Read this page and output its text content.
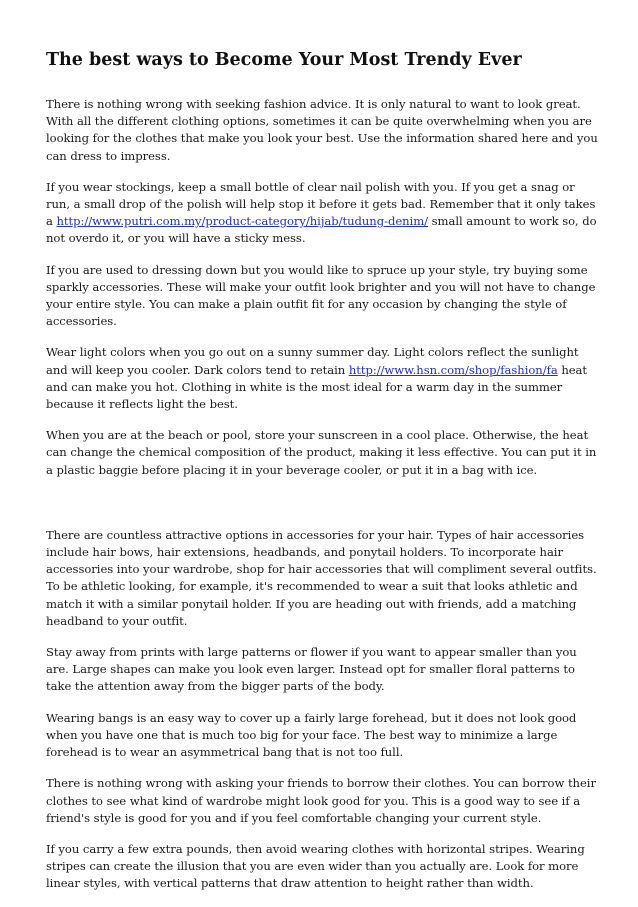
The best ways to Become Your Most Trendy Ever

There is nothing wrong with seeking fashion advice. It is only natural to want to look great. With all the different clothing options, sometimes it can be quite overwhelming when you are looking for the clothes that make you look your best. Use the information shared here and you can dress to impress.

If you wear stockings, keep a small bottle of clear nail polish with you. If you get a snag or run, a small drop of the polish will help stop it before it gets bad. Remember that it only takes a http://www.putri.com.my/product-category/hijab/tudung-denim/ small amount to work so, do not overdo it, or you will have a sticky mess.

If you are used to dressing down but you would like to spruce up your style, try buying some sparkly accessories. These will make your outfit look brighter and you will not have to change your entire style. You can make a plain outfit fit for any occasion by changing the style of accessories.

Wear light colors when you go out on a sunny summer day. Light colors reflect the sunlight and will keep you cooler. Dark colors tend to retain http://www.hsn.com/shop/fashion/fa heat and can make you hot. Clothing in white is the most ideal for a warm day in the summer because it reflects light the best.

When you are at the beach or pool, store your sunscreen in a cool place. Otherwise, the heat can change the chemical composition of the product, making it less effective. You can put it in a plastic baggie before placing it in your beverage cooler, or put it in a bag with ice.

There are countless attractive options in accessories for your hair. Types of hair accessories include hair bows, hair extensions, headbands, and ponytail holders. To incorporate hair accessories into your wardrobe, shop for hair accessories that will compliment several outfits. To be athletic looking, for example, it's recommended to wear a suit that looks athletic and match it with a similar ponytail holder. If you are heading out with friends, add a matching headband to your outfit.

Stay away from prints with large patterns or flower if you want to appear smaller than you are. Large shapes can make you look even larger. Instead opt for smaller floral patterns to take the attention away from the bigger parts of the body.

Wearing bangs is an easy way to cover up a fairly large forehead, but it does not look good when you have one that is much too big for your face. The best way to minimize a large forehead is to wear an asymmetrical bang that is not too full.

There is nothing wrong with asking your friends to borrow their clothes. You can borrow their clothes to see what kind of wardrobe might look good for you. This is a good way to see if a friend's style is good for you and if you feel comfortable changing your current style.

If you carry a few extra pounds, then avoid wearing clothes with horizontal stripes. Wearing stripes can create the illusion that you are even wider than you actually are. Look for more linear styles, with vertical patterns that draw attention to height rather than width.
